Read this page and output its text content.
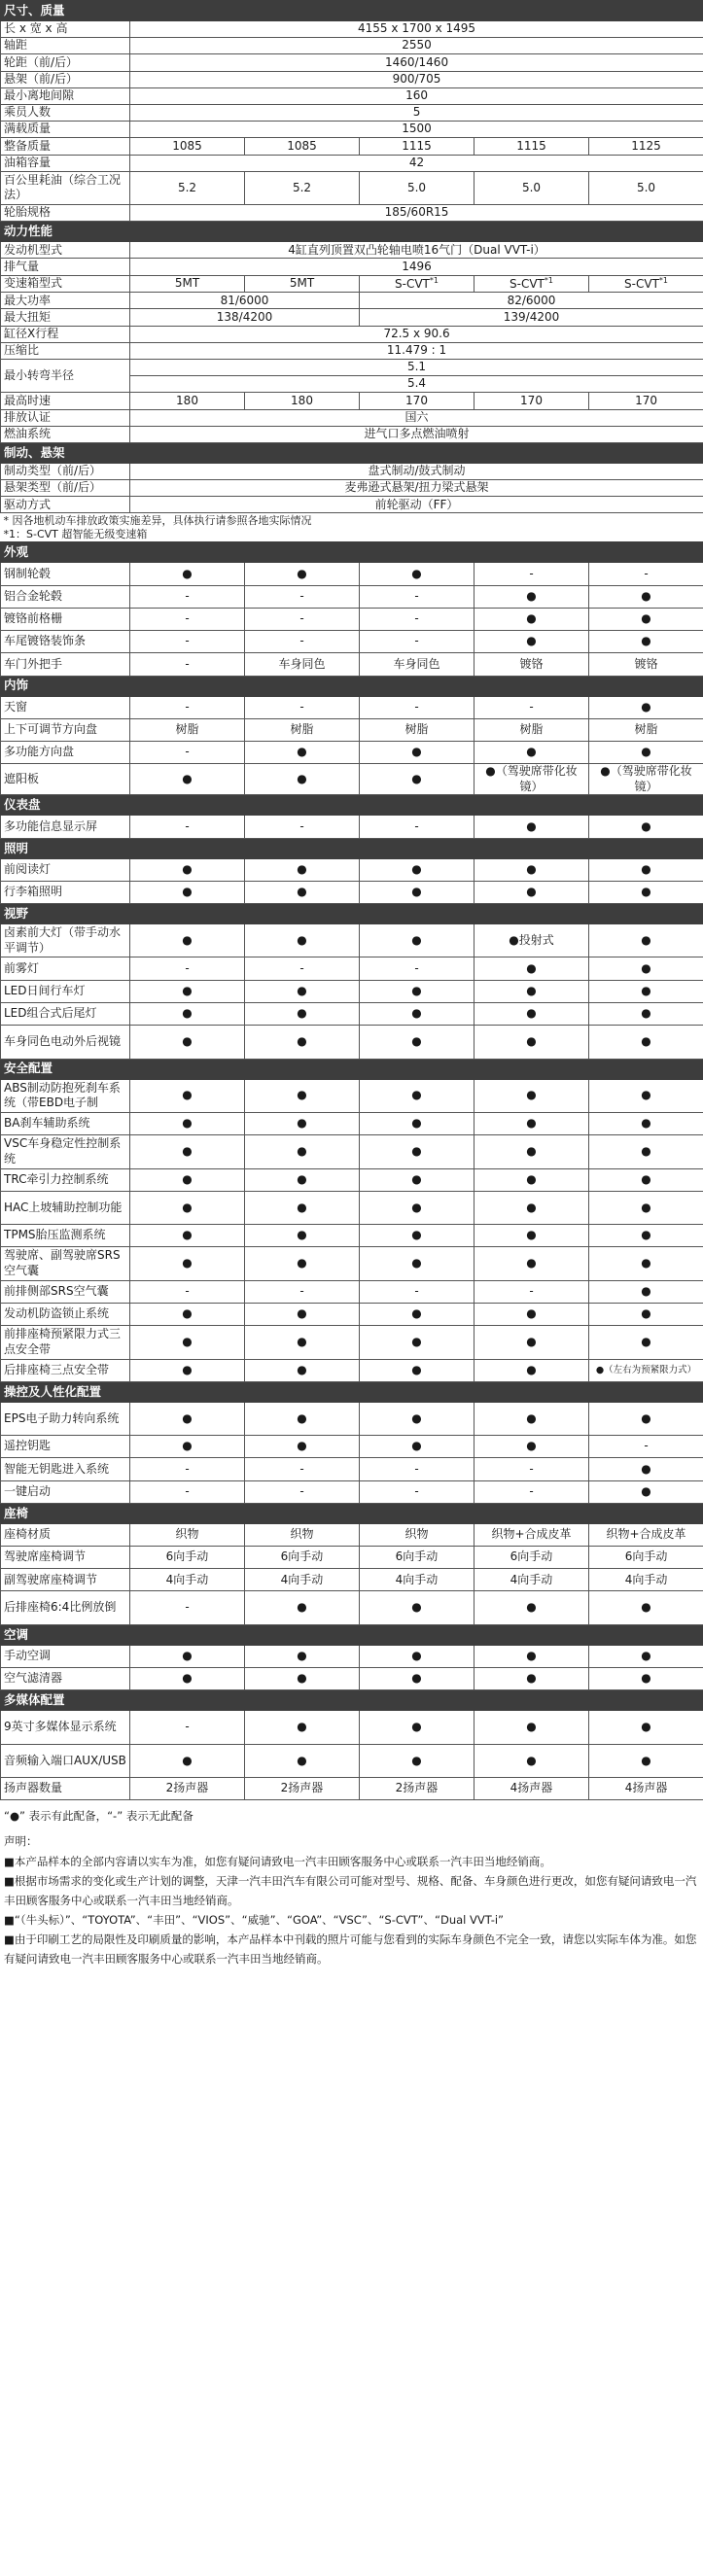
尺寸、质量					
长 x 宽 x 高	4155 x 1700 x 1495				
轴距	2550				
轮距（前/后）	1460/1460				
悬架（前/后）	900/705				
最小离地间隙	160				
乘员人数	5				
满载质量	1500				
整备质量	1085	1085	1115	1115	1125
油箱容量	42				
百公里耗油（综合工况法）	5.2	5.2	5.0	5.0	5.0
轮胎规格	185/60R15				
动力性能					
发动机型式	4缸直列顶置双凸轮轴电喷16气门（Dual VVT-i）				
排气量	1496				
变速箱型式	5MT	5MT	S-CVT$^{*1}$	S-CVT$^{*1}$	S-CVT$^{*1}$
最大功率	81/6000		82/6000		
最大扭矩	138/4200		139/4200		
缸径X行程	72.5 x 90.6				
压缩比	11.479 : 1				
最小转弯半径	5.1				
	5.4				
最高时速	180	180	170	170	170
排放认证	国六				
燃油系统	进气口多点燃油喷射				
制动、悬架					
制动类型（前/后）	盘式制动/鼓式制动				
悬架类型（前/后）	麦弗逊式悬架/扭力梁式悬架				
驱动方式	前轮驱动（FF）				
* 因各地机动车排放政策实施差异，具体执行请参照各地实际情况					
*1：S-CVT 超智能无级变速箱					
外观					
钢制轮毂	●	●	●	-	-
铝合金轮毂	-	-	-	●	●
镀铬前格栅	-	-	-	●	●
车尾镀铬装饰条	-	-	-	●	●
车门外把手	-	车身同色	车身同色	镀铬	镀铬
内饰					
天窗	-	-	-	-	●
上下可调节方向盘	树脂	树脂	树脂	树脂	树脂
多功能方向盘	-	●	●	●	●
遮阳板	●	●	●	●（驾驶席带化妆镜）	●（驾驶席带化妆镜）
仪表盘					
多功能信息显示屏	-	-	-	●	●
照明					
前阅读灯	●	●	●	●	●
行李箱照明	●	●	●	●	●
视野					
卤素前大灯（带手动水平调节）	●	●	●	●投射式	●
前雾灯	-	-	-	●	●
LED日间行车灯	●	●	●	●	●
LED组合式后尾灯	●	●	●	●	●
车身同色电动外后视镜	●	●	●	●	●
安全配置					
ABS制动防抱死刹车系统（带EBD电子制	●	●	●	●	●
BA刹车辅助系统	●	●	●	●	●
VSC车身稳定性控制系统	●	●	●	●	●
TRC牵引力控制系统	●	●	●	●	●
HAC上坡辅助控制功能	●	●	●	●	●
TPMS胎压监测系统	●	●	●	●	●
驾驶席、副驾驶席SRS空气囊	●	●	●	●	●
前排侧部SRS空气囊	-	-	-	-	●
发动机防盗锁止系统	●	●	●	●	●
前排座椅预紧限力式三点安全带	●	●	●	●	●
后排座椅三点安全带	●	●	●	●	●（左右为预紧限力式）
操控及人性化配置					
EPS电子助力转向系统	●	●	●	●	●
遥控钥匙	●	●	●	●	-
智能无钥匙进入系统	-	-	-	-	●
一键启动	-	-	-	-	●
座椅					
座椅材质	织物	织物	织物	织物+合成皮革	织物+合成皮革
驾驶席座椅调节	6向手动	6向手动	6向手动	6向手动	6向手动
副驾驶席座椅调节	4向手动	4向手动	4向手动	4向手动	4向手动
后排座椅6:4比例放倒	-	●	●	●	●
空调					
手动空调	●	●	●	●	●
空气滤清器	●	●	●	●	●
多媒体配置					
9英寸多媒体显示系统	-	●	●	●	●
音频输入端口AUX/USB	●	●	●	●	●
扬声器数量	2扬声器	2扬声器	2扬声器	4扬声器	4扬声器
“●” 表示有此配备，“-” 表示无此配备
声明：
■本产品样本的全部内容请以实车为准，如您有疑问请致电一汽丰田顾客服务中心或联系一汽丰田当地经销商。
■根据市场需求的变化或生产计划的调整，天津一汽丰田汽车有限公司可能对型号、规格、配备、车身颜色进行更改，如您有疑问请致电一汽丰田顾客服务中心或联系一汽丰田当地经销商。
■“（牛头标）”、“TOYOTA”、“丰田”、“VIOS”、“威驰”、“GOA”、“VSC”、“S-CVT”、“Dual VVT-i”
■由于印刷工艺的局限性及印刷质量的影响，本产品样本中刊载的照片可能与您看到的实际车身颜色不完全一致，请您以实际车体为准。如您有疑问请致电一汽丰田顾客服务中心或联系一汽丰田当地经销商。
